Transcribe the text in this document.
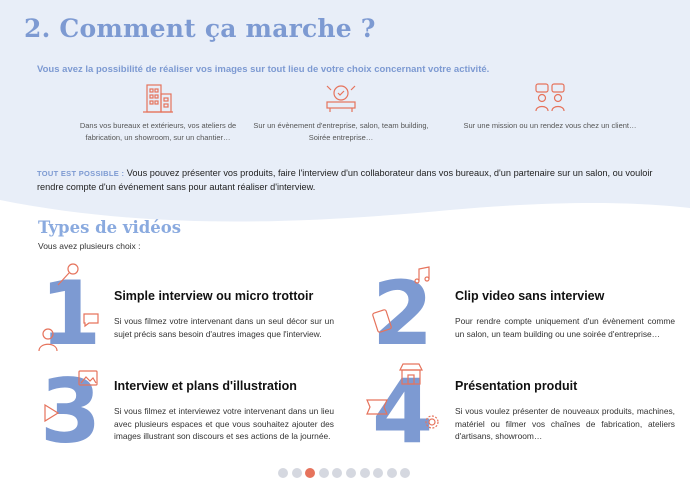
2. Comment ça marche ?
Vous avez la possibilité de réaliser vos images sur tout lieu de votre choix concernant votre activité.
Dans vos bureaux et extérieurs, vos ateliers de fabrication, un showroom, sur un chantier…
Sur un évènement d'entreprise, salon, team building, Soirée entreprise…
Sur une mission ou un rendez vous chez un client…
TOUT EST POSSIBLE : Vous pouvez présenter vos produits, faire l'interview d'un collaborateur dans vos bureaux, d'un partenaire sur un salon, ou vouloir rendre compte d'un événement sans pour autant réaliser d'interview.
Types de vidéos
Vous avez plusieurs choix :
1 Simple interview ou micro trottoir
Si vous filmez votre intervenant dans un seul décor sur un sujet précis sans besoin d'autres images que l'interview. 2 Clip video sans interview
Pour rendre compte uniquement d'un évènement comme un salon, un team building ou une soirée d'entreprise…
3 Interview et plans d'illustration
Si vous filmez et interviewez votre intervenant dans un lieu avec plusieurs espaces et que vous souhaitez ajouter des images illustrant son discours et ses actions de la journée. 4 Présentation produit
Si vous voulez présenter de nouveaux produits, machines, matériel ou filmer vos chaînes de fabrication, ateliers d'artisans, showroom…
